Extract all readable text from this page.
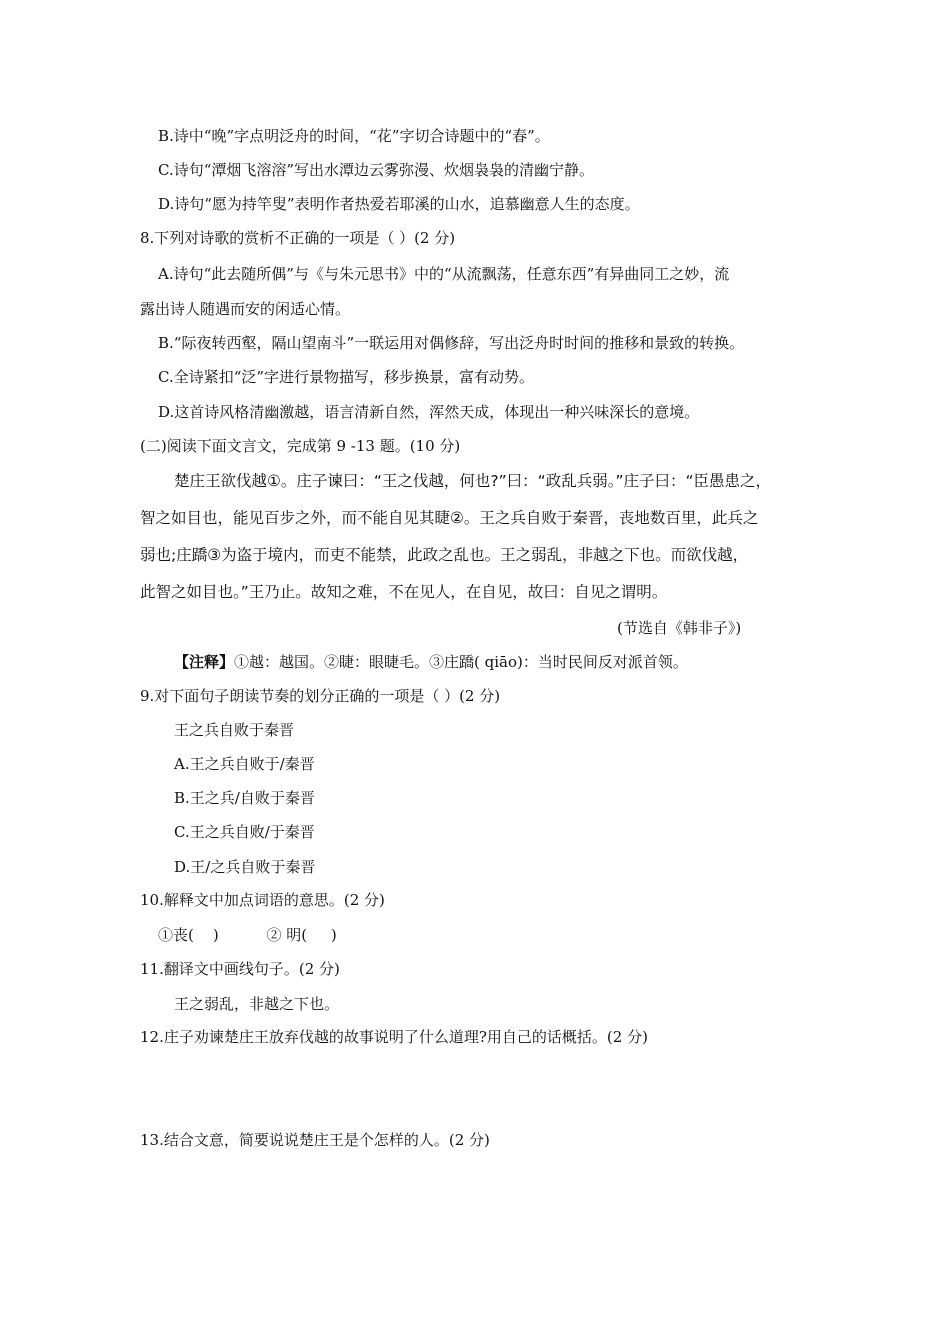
B.诗中“晚”字点明泛舟的时间，“花”字切合诗题中的“春”。
C.诗句“潭烟飞溶溶”写出水潭边云雾弥漫、炊烟袅袅的清幽宁静。
D.诗句“愿为持竿叟”表明作者热爱若耶溪的山水，追慕幽意人生的态度。
8.下列对诗歌的赏析不正确的一项是（ ）(2 分)
A.诗句“此去随所偶”与《与朱元思书》中的“从流飘荡，任意东西”有异曲同工之妙，流
露出诗人随遇而安的闲适心情。
B.“际夜转西壑，隔山望南斗”一联运用对偶修辞，写出泛舟时时间的推移和景致的转换。
C.全诗紧扣“泛”字进行景物描写，移步换景，富有动势。
D.这首诗风格清幽激越，语言清新自然，浑然天成，体现出一种兴味深长的意境。
(二)阅读下面文言文，完成第 9 -13 题。(10 分)
楚庄王欲伐越①。庄子谏曰：“王之伐越，何也?”曰：“政乱兵弱。”庄子曰：“臣愚患之，
智之如目也，能见百步之外，而不能自见其睫②。王之兵自败于秦晋，丧地数百里，此兵之
弱也;庄蹻③为盗于境内，而吏不能禁，此政之乱也。王之弱乱，非越之下也。而欲伐越，
此智之如目也。”王乃止。故知之难，不在见人，在自见，故曰：自见之谓明。
(节选自《韩非子》)
【注释】①越：越国。②睫：眼睫毛。③庄蹻( qiāo)：当时民间反对派首领。
9.对下面句子朗读节奏的划分正确的一项是（ ）(2 分)
王之兵自败于秦晋
A.王之兵自败于/秦晋
B.王之兵/自败于秦晋
C.王之兵自败/于秦晋
D.王/之兵自败于秦晋
10.解释文中加点词语的意思。(2 分)
①丧(    )          ② 明(     )
11.翻译文中画线句子。(2 分)
王之弱乱，非越之下也。
12.庄子劝谏楚庄王放弃伐越的故事说明了什么道理?用自己的话概括。(2 分)
13.结合文意，简要说说楚庄王是个怎样的人。(2 分)
